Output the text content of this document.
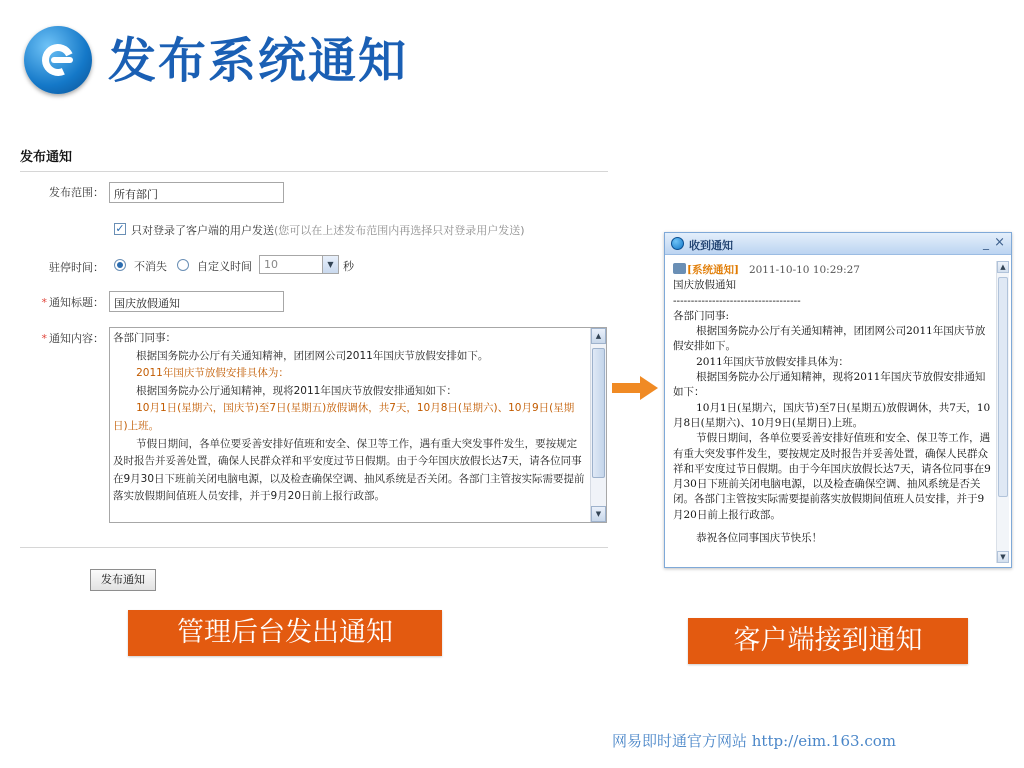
发布系统通知
发布通知
发布范围： 所有部门
✓ 只对登录了客户端的用户发送(您可以在上述发布范围内再选择只对登录用户发送)
驻停时间：	不消失	自定义时间	10	▼ 秒
* 通知标题： 国庆放假通知
* 通知内容： 各部门同事：

根据国务院办公厅有关通知精神，团团网公司2011年国庆节放假安排如下。

2011年国庆节放假安排具体为：

根据国务院办公厅通知精神，现将2011年国庆节放假安排通知如下：

10月1日(星期六，国庆节)至7日(星期五)放假调休，共7天，10月8日(星期六)、10月9日(星期日)上班。

节假日期间，各单位要妥善安排好值班和安全、保卫等工作，遇有重大突发事件发生，要按规定及时报告并妥善处置，确保人民群众祥和平安度过节日假期。由于今年国庆放假长达7天，请各位同事在9月30日下班前关闭电脑电源，以及检查确保空调、抽风系统是否关闭。各部门主管按实际需要提前落实放假期间值班人员安排，并于9月20日前上报行政部。

▲
▼
发布通知
收到通知	_ ×

[系统通知] 2011-10-10 10:29:27

国庆放假通知

------------------------------------

各部门同事:

根据国务院办公厅有关通知精神，团团网公司2011年国庆节放假安排如下。

2011年国庆节放假安排具体为：

根据国务院办公厅通知精神，现将2011年国庆节放假安排通知如下：

10月1日(星期六，国庆节)至7日(星期五)放假调休，共7天，10月8日(星期六)、10月9日(星期日)上班。

节假日期间，各单位要妥善安排好值班和安全、保卫等工作，遇有重大突发事件发生，要按规定及时报告并妥善处置，确保人民群众祥和平安度过节日假期。由于今年国庆放假长达7天，请各位同事在9月30日下班前关闭电脑电源，以及检查确保空调、抽风系统是否关闭。各部门主管按实际需要提前落实放假期间值班人员安排，并于9月20日前上报行政部。

恭祝各位同事国庆节快乐！

▲
▼
管理后台发出通知	客户端接到通知
网易即时通官方网站 http://eim.163.com
